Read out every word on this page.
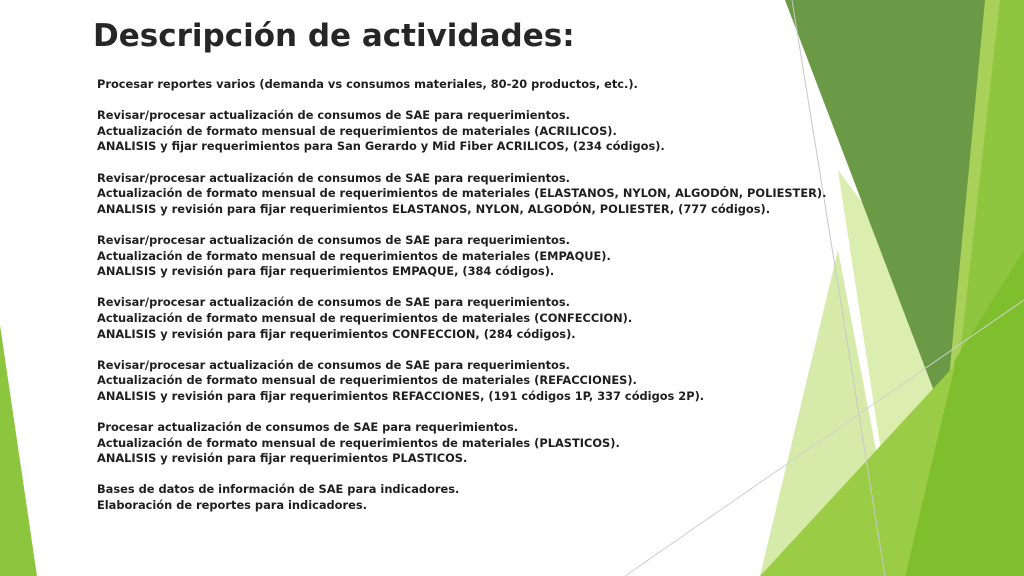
Descripción de actividades:
Procesar reportes varios (demanda vs consumos materiales, 80-20 productos, etc.).
Revisar/procesar actualización de consumos de SAE para requerimientos.
Actualización de formato mensual de requerimientos de materiales (ACRILICOS).
ANALISIS y fijar requerimientos para San Gerardo y Mid Fiber ACRILICOS, (234 códigos).
Revisar/procesar actualización de consumos de SAE para requerimientos.
Actualización de formato mensual de requerimientos de materiales (ELASTANOS, NYLON, ALGODÓN, POLIESTER).
ANALISIS y revisión para fijar requerimientos ELASTANOS, NYLON, ALGODÓN, POLIESTER, (777 códigos).
Revisar/procesar actualización de consumos de SAE para requerimientos.
Actualización de formato mensual de requerimientos de materiales (EMPAQUE).
ANALISIS y revisión para fijar requerimientos EMPAQUE, (384 códigos).
Revisar/procesar actualización de consumos de SAE para requerimientos.
Actualización de formato mensual de requerimientos de materiales (CONFECCION).
ANALISIS y revisión para fijar requerimientos CONFECCION, (284 códigos).
Revisar/procesar actualización de consumos de SAE para requerimientos.
Actualización de formato mensual de requerimientos de materiales (REFACCIONES).
ANALISIS y revisión para fijar requerimientos REFACCIONES, (191 códigos 1P, 337 códigos 2P).
Procesar actualización de consumos de SAE para requerimientos.
Actualización de formato mensual de requerimientos de materiales (PLASTICOS).
ANALISIS y revisión para fijar requerimientos PLASTICOS.
Bases de datos de información de SAE para indicadores.
Elaboración de reportes para indicadores.
